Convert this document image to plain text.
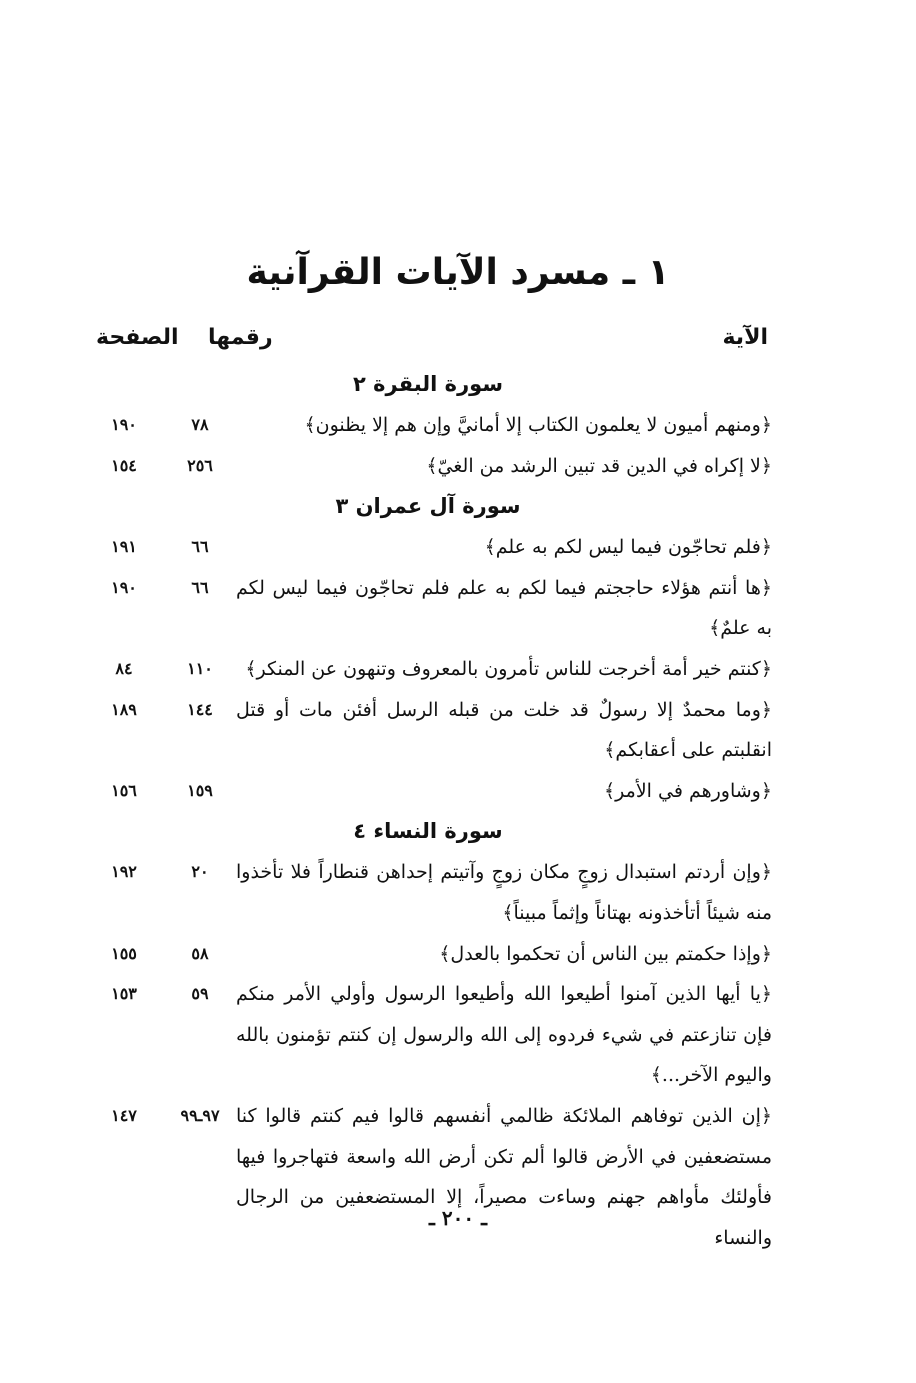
١ ـ مسرد الآيات القرآنية
الآية
رقمها
الصفحة
سورة البقرة ٢
﴿ومنهم أميون لا يعلمون الكتاب إلا أمانيَّ وإن هم إلا يظنون﴾
٧٨
١٩٠
﴿لا إكراه في الدين قد تبين الرشد من الغيّ﴾
٢٥٦
١٥٤
سورة آل عمران ٣
﴿فلم تحاجّون فيما ليس لكم به علم﴾
٦٦
١٩١
﴿ها أنتم هؤلاء حاججتم فيما لكم به علم فلم تحاجّون فيما ليس لكم به علمٌ﴾
٦٦
١٩٠
﴿كنتم خير أمة أخرجت للناس تأمرون بالمعروف وتنهون عن المنكر﴾
١١٠
٨٤
﴿وما محمدٌ إلا رسولٌ قد خلت من قبله الرسل أفئن مات أو قتل انقلبتم على أعقابكم﴾
١٤٤
١٨٩
﴿وشاورهم في الأمر﴾
١٥٩
١٥٦
سورة النساء ٤
﴿وإن أردتم استبدال زوجٍ مكان زوجٍ وآتيتم إحداهن قنطاراً فلا تأخذوا منه شيئاً أتأخذونه بهتاناً وإثماً مبيناً﴾
٢٠
١٩٢
﴿وإذا حكمتم بين الناس أن تحكموا بالعدل﴾
٥٨
١٥٥
﴿يا أيها الذين آمنوا أطيعوا الله وأطيعوا الرسول وأولي الأمر منكم فإن تنازعتم في شيء فردوه إلى الله والرسول إن كنتم تؤمنون بالله واليوم الآخر...﴾
٥٩
١٥٣
﴿إن الذين توفاهم الملائكة ظالمي أنفسهم قالوا فيم كنتم قالوا كنا مستضعفين في الأرض قالوا ألم تكن أرض الله واسعة فتهاجروا فيها فأولئك مأواهم جهنم وساءت مصيراً، إلا المستضعفين من الرجال والنساء
٩٧ـ٩٩
١٤٧
ـ ٢٠٠ ـ
